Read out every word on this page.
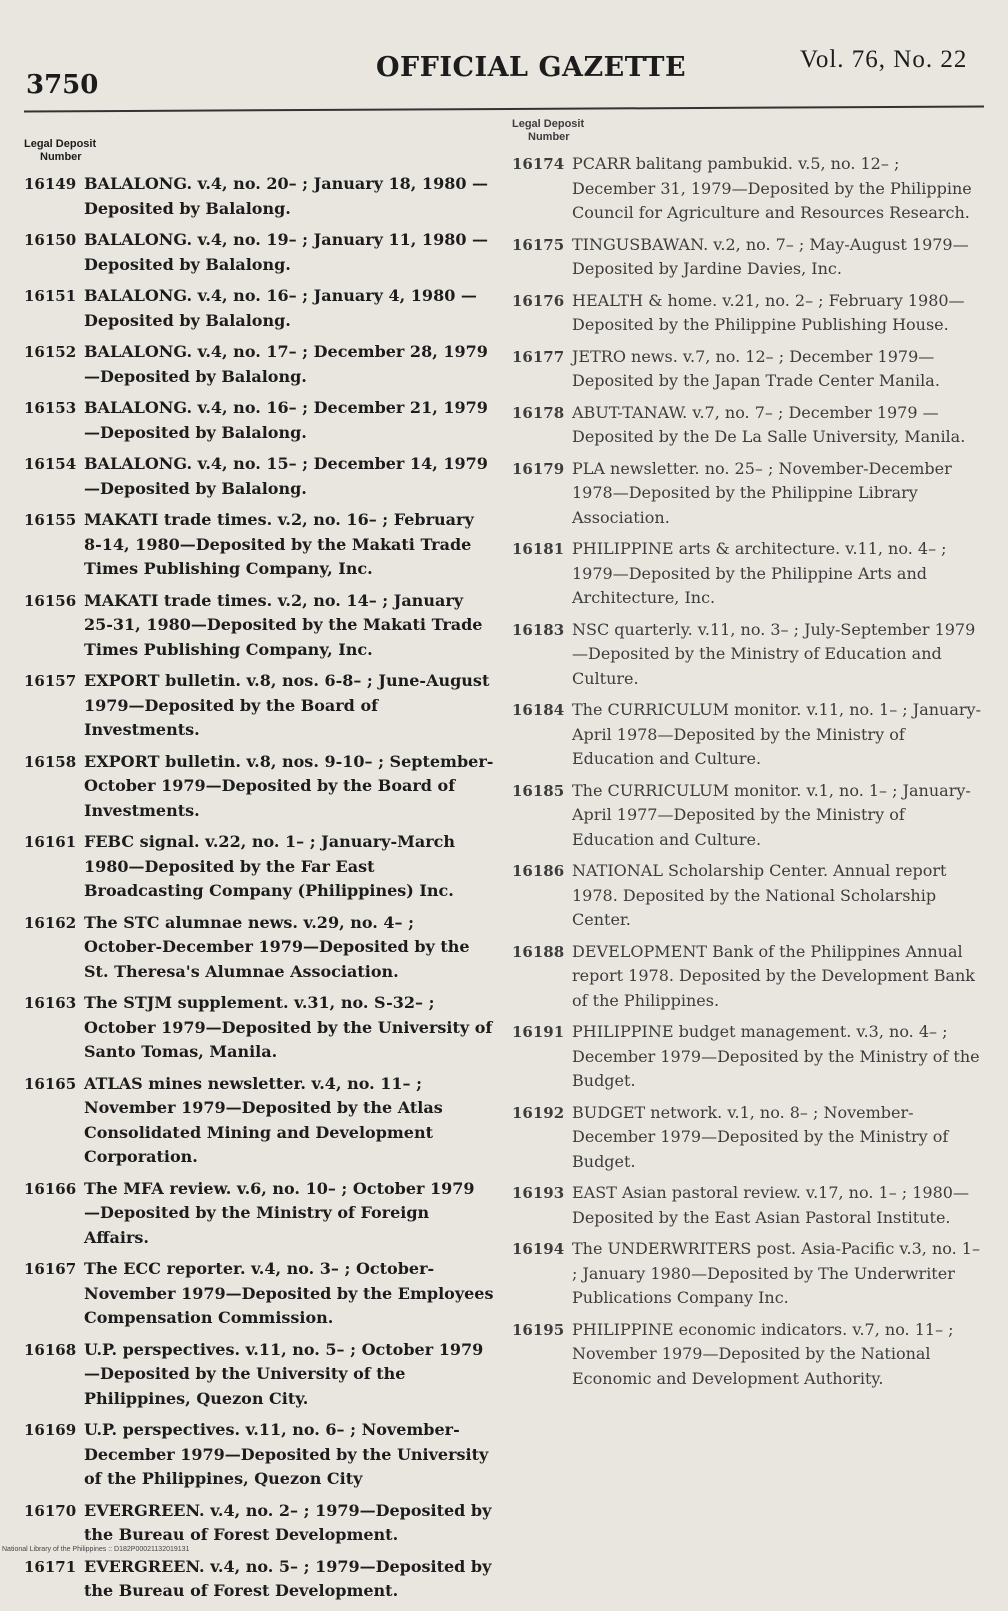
3750
OFFICIAL GAZETTE	Vol. 76, No. 22
Legal Deposit
Number
16149 BALALONG. v.4, no. 20– ; January 18, 1980 —Deposited by Balalong.
16150 BALALONG. v.4, no. 19– ; January 11, 1980 —Deposited by Balalong.
16151 BALALONG. v.4, no. 16– ; January 4, 1980 —Deposited by Balalong.
16152 BALALONG. v.4, no. 17– ; December 28, 1979—Deposited by Balalong.
16153 BALALONG. v.4, no. 16– ; December 21, 1979—Deposited by Balalong.
16154 BALALONG. v.4, no. 15– ; December 14, 1979—Deposited by Balalong.
16155 MAKATI trade times. v.2, no. 16– ; February 8-14, 1980—Deposited by the Makati Trade Times Publishing Company, Inc.
16156 MAKATI trade times. v.2, no. 14– ; January 25-31, 1980—Deposited by the Makati Trade Times Publishing Company, Inc.
16157 EXPORT bulletin. v.8, nos. 6-8– ; June-August 1979—Deposited by the Board of Investments.
16158 EXPORT bulletin. v.8, nos. 9-10– ; September-October 1979—Deposited by the Board of Investments.
16161 FEBC signal. v.22, no. 1– ; January-March 1980—Deposited by the Far East Broadcasting Company (Philippines) Inc.
16162 The STC alumnae news. v.29, no. 4– ; October-December 1979—Deposited by the St. Theresa's Alumnae Association.
16163 The STJM supplement. v.31, no. S-32– ; October 1979—Deposited by the University of Santo Tomas, Manila.
16165 ATLAS mines newsletter. v.4, no. 11– ; November 1979—Deposited by the Atlas Consolidated Mining and Development Corporation.
16166 The MFA review. v.6, no. 10– ; October 1979 —Deposited by the Ministry of Foreign Affairs.
16167 The ECC reporter. v.4, no. 3– ; October-November 1979—Deposited by the Employees Compensation Commission.
16168 U.P. perspectives. v.11, no. 5– ; October 1979—Deposited by the University of the Philippines, Quezon City.
16169 U.P. perspectives. v.11, no. 6– ; November-December 1979—Deposited by the University of the Philippines, Quezon City
16170 EVERGREEN. v.4, no. 2– ; 1979—Deposited by the Bureau of Forest Development.
16171 EVERGREEN. v.4, no. 5– ; 1979—Deposited by the Bureau of Forest Development.
Legal Deposit
Number
16174 PCARR balitang pambukid. v.5, no. 12– ; December 31, 1979—Deposited by the Philippine Council for Agriculture and Resources Research.
16175 TINGUSBAWAN. v.2, no. 7– ; May-August 1979—Deposited by Jardine Davies, Inc.
16176 HEALTH & home. v.21, no. 2– ; February 1980—Deposited by the Philippine Publishing House.
16177 JETRO news. v.7, no. 12– ; December 1979—Deposited by the Japan Trade Center Manila.
16178 ABUT-TANAW. v.7, no. 7– ; December 1979 —Deposited by the De La Salle University, Manila.
16179 PLA newsletter. no. 25– ; November-December 1978—Deposited by the Philippine Library Association.
16181 PHILIPPINE arts & architecture. v.11, no. 4– ; 1979—Deposited by the Philippine Arts and Architecture, Inc.
16183 NSC quarterly. v.11, no. 3– ; July-September 1979—Deposited by the Ministry of Education and Culture.
16184 The CURRICULUM monitor. v.11, no. 1– ; January-April 1978—Deposited by the Ministry of Education and Culture.
16185 The CURRICULUM monitor. v.1, no. 1– ; January-April 1977—Deposited by the Ministry of Education and Culture.
16186 NATIONAL Scholarship Center. Annual report 1978. Deposited by the National Scholarship Center.
16188 DEVELOPMENT Bank of the Philippines Annual report 1978. Deposited by the Development Bank of the Philippines.
16191 PHILIPPINE budget management. v.3, no. 4– ; December 1979—Deposited by the Ministry of the Budget.
16192 BUDGET network. v.1, no. 8– ; November-December 1979—Deposited by the Ministry of Budget.
16193 EAST Asian pastoral review. v.17, no. 1– ; 1980—Deposited by the East Asian Pastoral Institute.
16194 The UNDERWRITERS post. Asia-Pacific v.3, no. 1– ; January 1980—Deposited by The Underwriter Publications Company Inc.
16195 PHILIPPINE economic indicators. v.7, no. 11– ; November 1979—Deposited by the National Economic and Development Authority.
National Library of the Philippines :: D182P00021132019131
